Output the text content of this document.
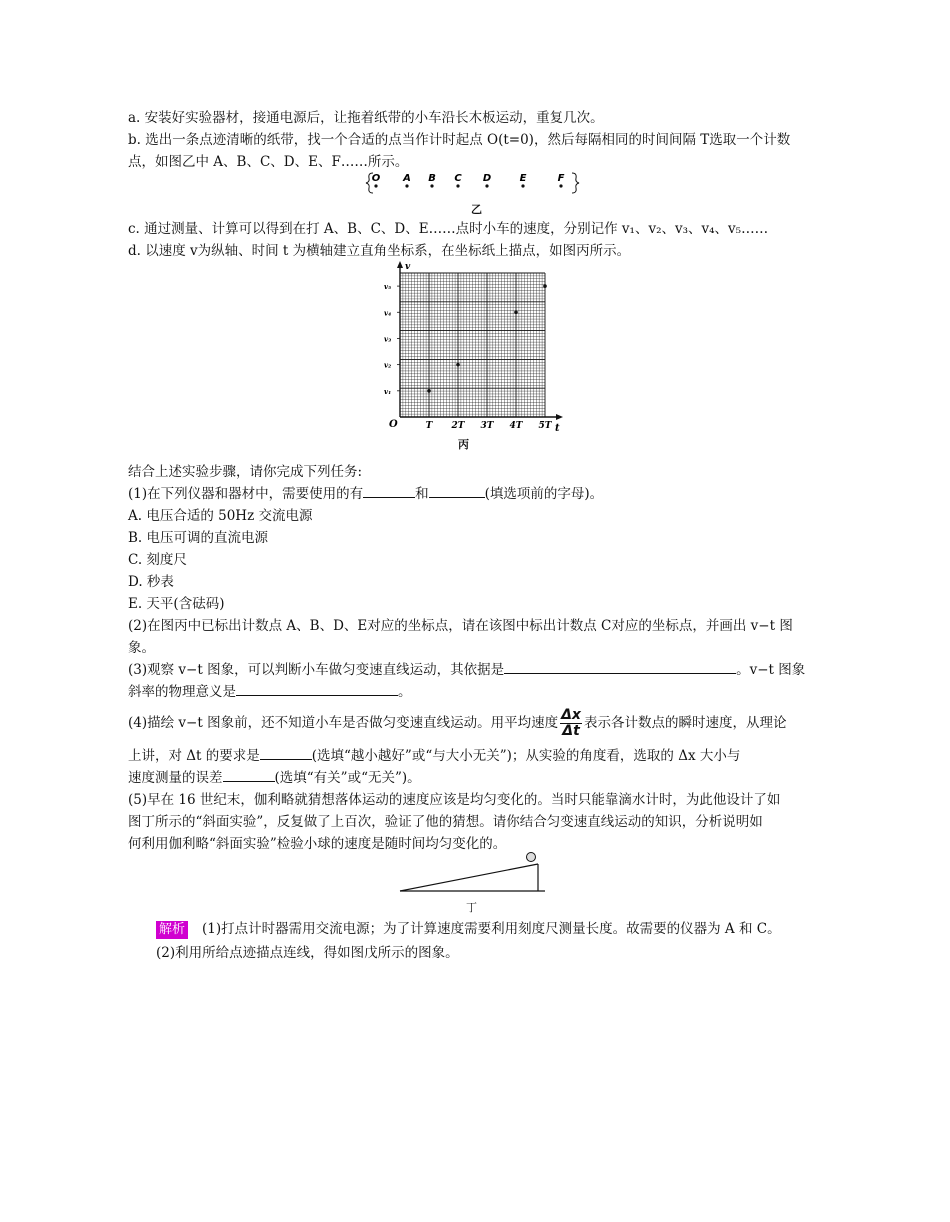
a. 安装好实验器材，接通电源后，让拖着纸带的小车沿长木板运动，重复几次。
b. 选出一条点迹清晰的纸带，找一个合适的点当作计时起点 O(t=0)，然后每隔相同的时间间隔 T选取一个计数
点，如图乙中 A、B、C、D、E、F……所示。
O A B C D	E	F
乙
c. 通过测量、计算可以得到在打 A、B、C、D、E……点时小车的速度，分别记作 v₁、v₂、v₃、v₄、v₅……
d. 以速度 v为纵轴、时间 t 为横轴建立直角坐标系，在坐标纸上描点，如图丙所示。
O
v
t
v₁
v₂
v₃
v₄
v₅
T 2T 3T 4T 5T
丙
结合上述实验步骤，请你完成下列任务:
(1)在下列仪器和器材中，需要使用的有	和	(填选项前的字母)。
A. 电压合适的 50Hz 交流电源
B. 电压可调的直流电源
C. 刻度尺
D. 秒表
E. 天平(含砝码)
(2)在图丙中已标出计数点 A、B、D、E对应的坐标点，请在该图中标出计数点 C对应的坐标点，并画出 v−t 图
象。
(3)观察 v−t 图象，可以判断小车做匀变速直线运动，其依据是	。v−t 图象
斜率的物理意义是	。
(4)描绘 v−t 图象前，还不知道小车是否做匀变速直线运动。用平均速度 $\frac{\Delta x}{\Delta t}$ 表示各计数点的瞬时速度，从理论
上讲，对 Δt 的要求是	(选填“越小越好”或“与大小无关”)；从实验的角度看，选取的 Δx 大小与
速度测量的误差	(选填“有关”或“无关”)。
(5)早在 16 世纪末，伽利略就猜想落体运动的速度应该是均匀变化的。当时只能靠滴水计时，为此他设计了如
图丁所示的“斜面实验”，反复做了上百次，验证了他的猜想。请你结合匀变速直线运动的知识，分析说明如
何利用伽利略“斜面实验”检验小球的速度是随时间均匀变化的。
丁
解析 (1)打点计时器需用交流电源；为了计算速度需要利用刻度尺测量长度。故需要的仪器为 A 和 C。
(2)利用所给点迹描点连线，得如图戊所示的图象。
